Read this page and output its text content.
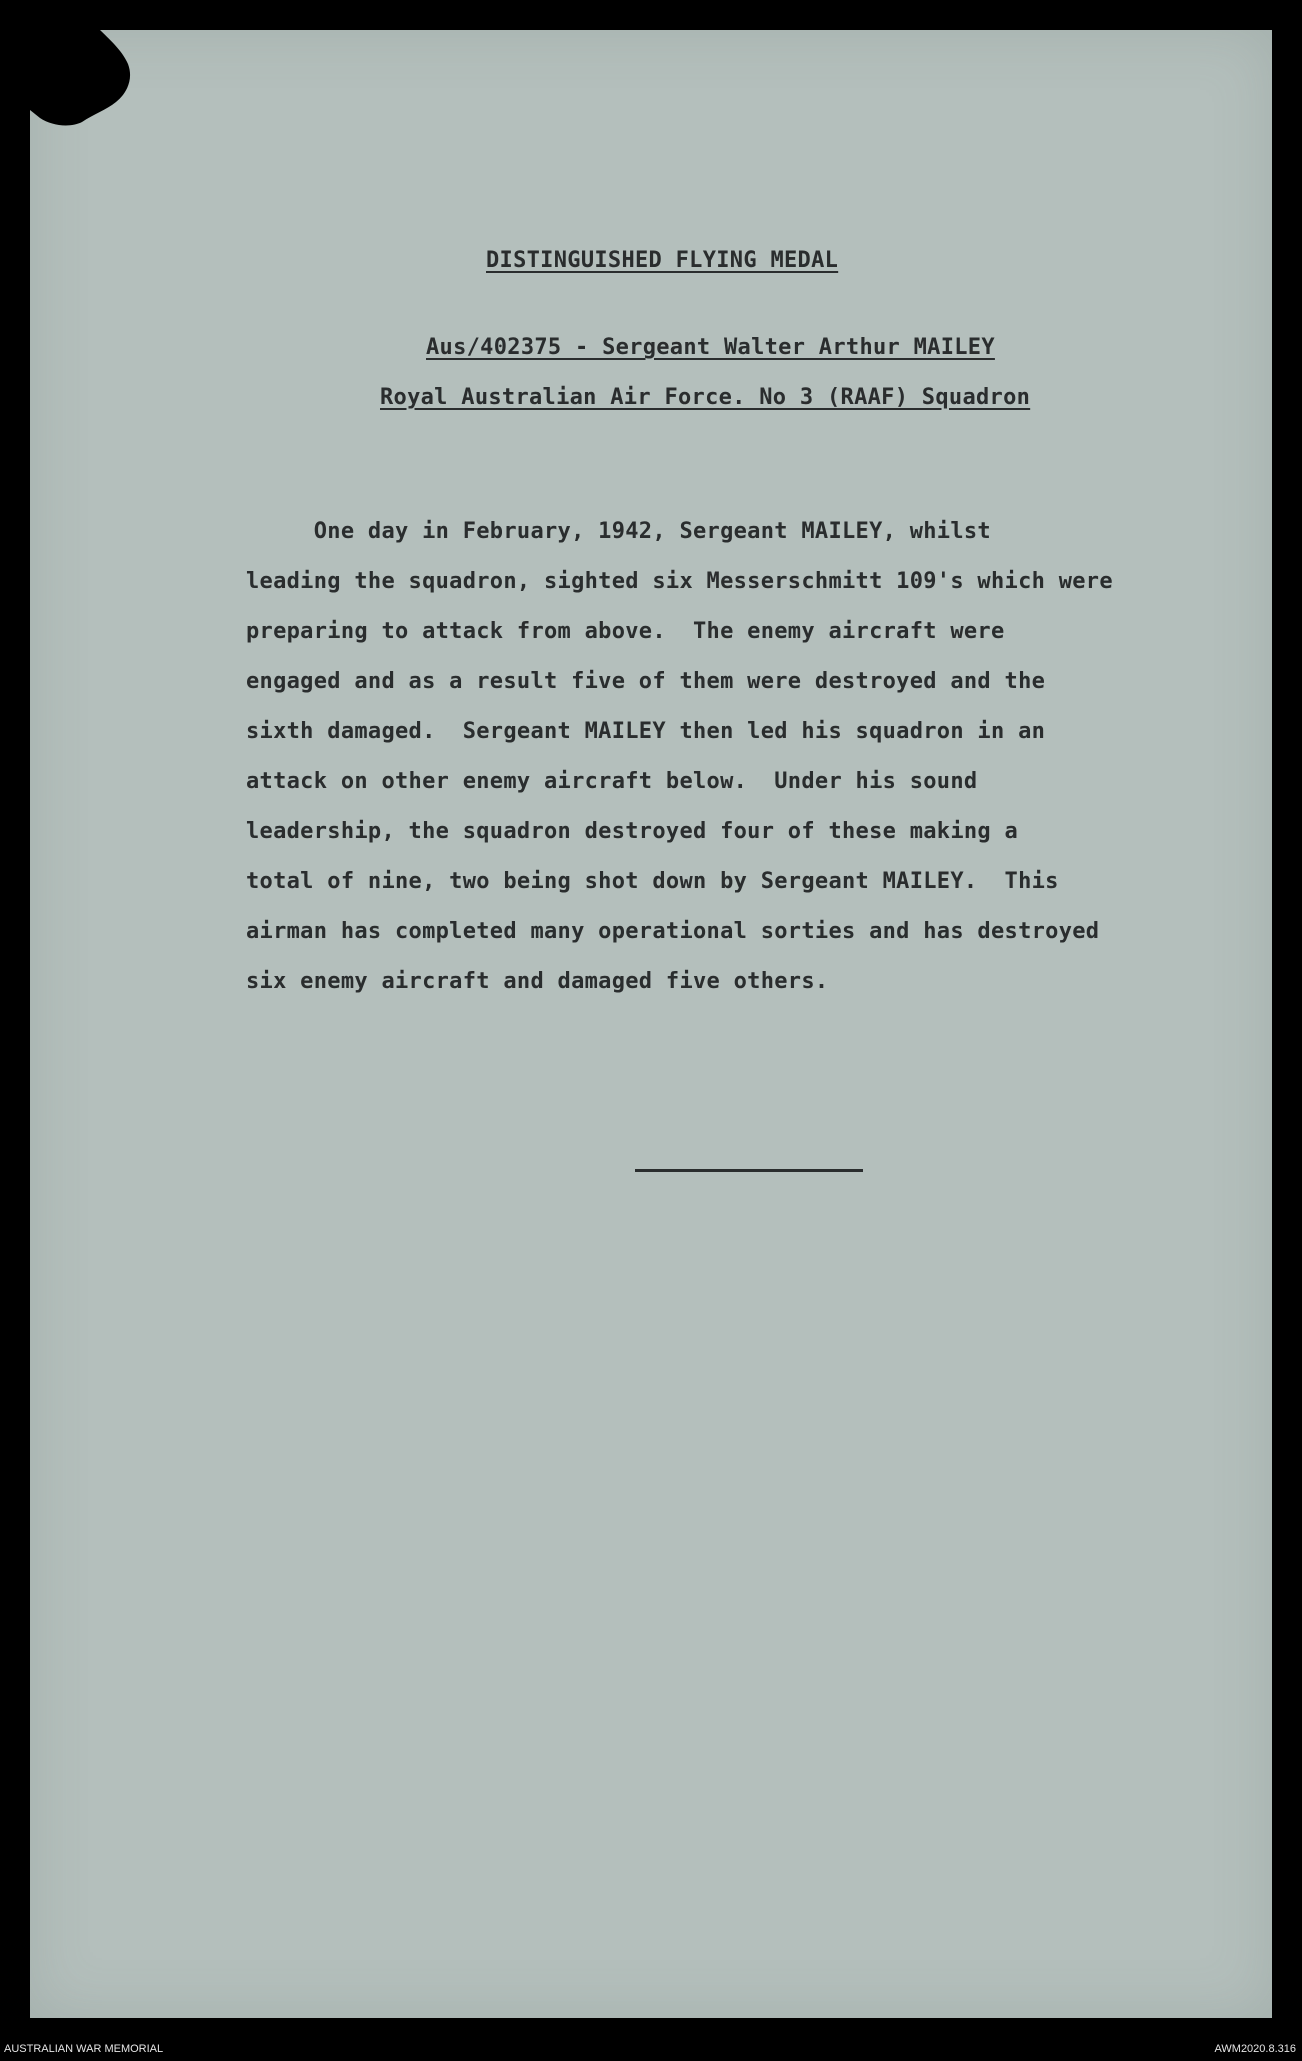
DISTINGUISHED FLYING MEDAL
Aus/402375 - Sergeant Walter Arthur MAILEY
Royal Australian Air Force. No 3 (RAAF) Squadron
One day in February, 1942, Sergeant MAILEY, whilst
leading the squadron, sighted six Messerschmitt 109's which were
preparing to attack from above.  The enemy aircraft were
engaged and as a result five of them were destroyed and the
sixth damaged.  Sergeant MAILEY then led his squadron in an
attack on other enemy aircraft below.  Under his sound
leadership, the squadron destroyed four of these making a
total of nine, two being shot down by Sergeant MAILEY.  This
airman has completed many operational sorties and has destroyed
six enemy aircraft and damaged five others.
AUSTRALIAN WAR MEMORIAL	AWM2020.8.316
